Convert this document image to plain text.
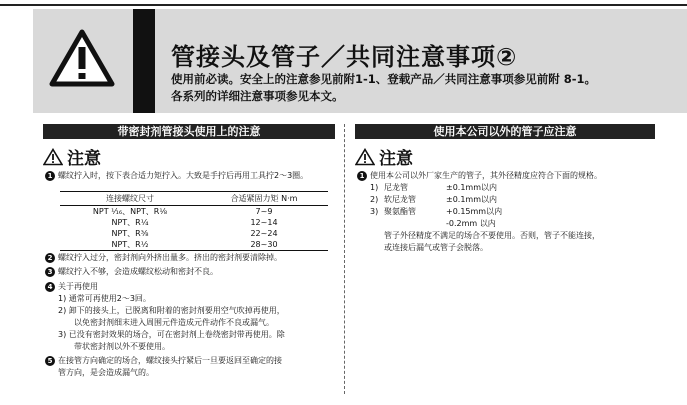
管接头及管子／共同注意事项②
使用前必读。安全上的注意参见前附1-1、登载产品／共同注意事项参见前附 8-1。
各系列的详细注意事项参见本文。
带密封剂管接头使用上的注意	使用本公司以外的管子应注意
注意	注意
1 螺纹拧入时，按下表合适力矩拧入。大致是手拧后再用工具拧2～3圈。
连接螺纹尺寸	合适紧固力矩 N·m
NPT ¹⁄₁₆、NPT、R¹⁄₈	7~9
NPT、R¹⁄₄	12~14
NPT、R³⁄₈	22~24
NPT、R¹⁄₂	28~30
2 螺纹拧入过分，密封剂向外挤出量多。挤出的密封剂要清除掉。
3 螺纹拧入不够，会造成螺纹松动和密封不良。
4 关于再使用
1) 通常可再使用2～3回。
2) 卸下的接头上，已脱离和附着的密封剂要用空气吹掉再使用，
以免密封剂细末进入周围元件造成元件动作不良或漏气。
3) 已没有密封效果的场合，可在密封剂上卷绕密封带再使用。除
带状密封剂以外不要使用。
5 在接管方向确定的场合，螺纹接头拧紧后一旦要返回至确定的接
管方向，是会造成漏气的。
1 使用本公司以外厂家生产的管子，其外径精度应符合下面的规格。
1) 尼龙管	±0.1mm以内
2) 软尼龙管	±0.1mm以内
3) 聚氨酯管	+0.15mm以内
-0.2mm 以内
管子外径精度不满足的场合不要使用。否则，管子不能连接，
或连接后漏气或管子会脱落。
